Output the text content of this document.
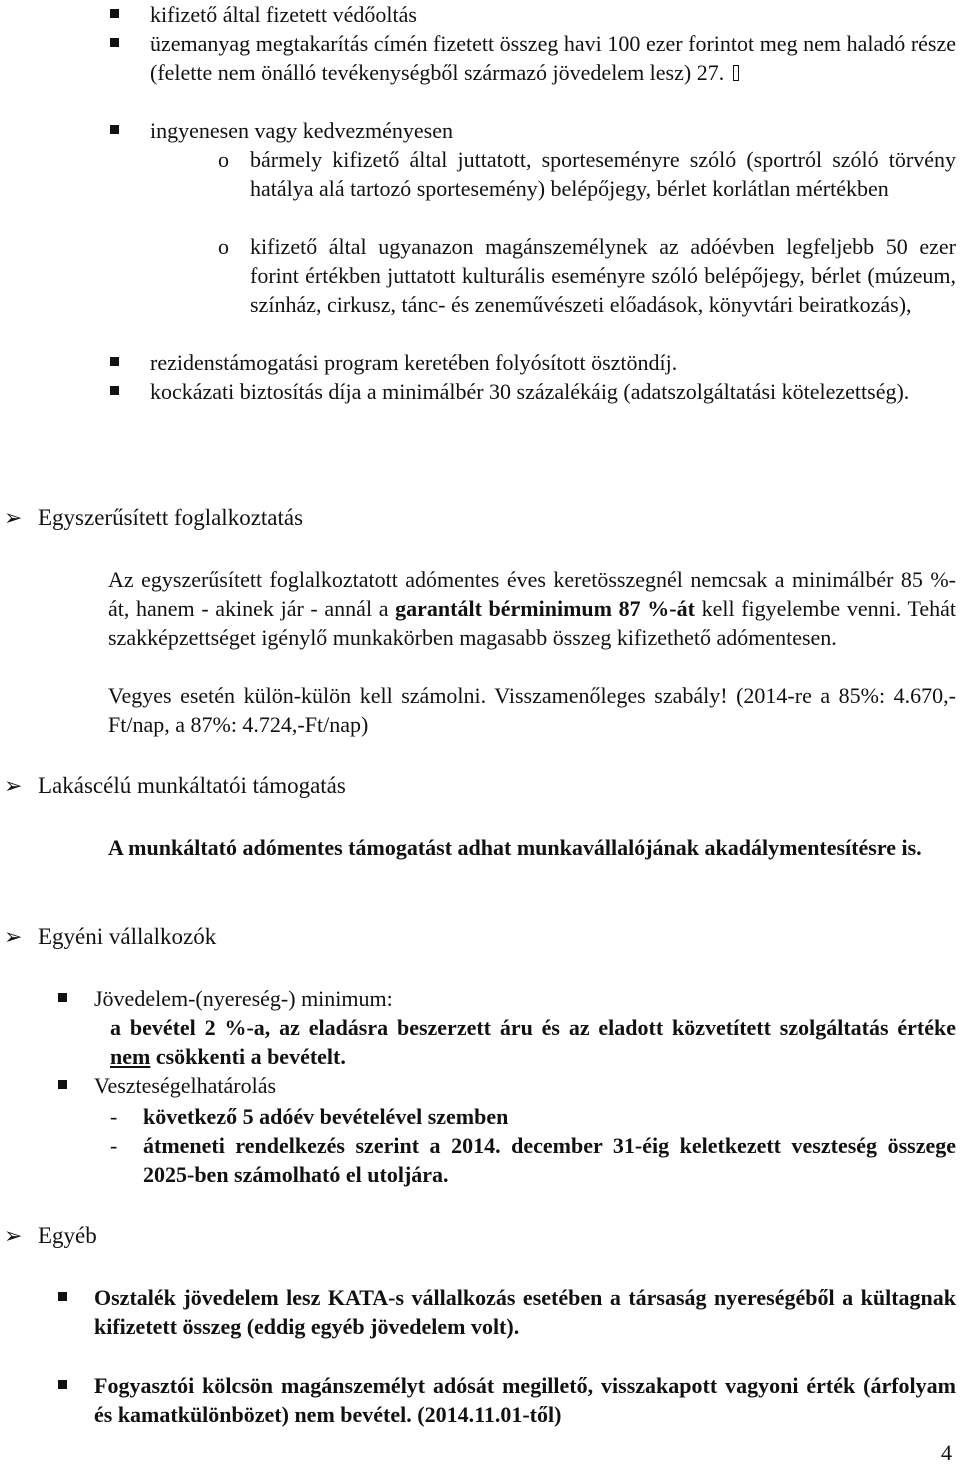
kifizető által fizetett védőoltás

üzemanyag megtakarítás címén fizetett összeg havi 100 ezer forintot meg nem haladó része (felette nem önálló tevékenységből származó jövedelem lesz) 27.

ingyenesen vagy kedvezményesen

o bármely kifizető által juttatott, sporteseményre szóló (sportról szóló törvény hatálya alá tartozó sportesemény) belépőjegy, bérlet korlátlan mértékben

o kifizető által ugyanazon magánszemélynek az adóévben legfeljebb 50 ezer forint értékben juttatott kulturális eseményre szóló belépőjegy, bérlet (múzeum, színház, cirkusz, tánc- és zeneművészeti előadások, könyvtári beiratkozás),

rezidenstámogatási program keretében folyósított ösztöndíj.

kockázati biztosítás díja a minimálbér 30 százalékáig (adatszolgáltatási kötelezettség).

➢ Egyszerűsített foglalkoztatás

Az egyszerűsített foglalkoztatott adómentes éves keretösszegnél nemcsak a minimálbér 85 %-át, hanem - akinek jár - annál a garantált bérminimum 87 %-át kell figyelembe venni. Tehát szakképzettséget igénylő munkakörben magasabb összeg kifizethető adómentesen.

Vegyes esetén külön-külön kell számolni. Visszamenőleges szabály! (2014-re a 85%: 4.670,-Ft/nap, a 87%: 4.724,-Ft/nap)

➢ Lakáscélú munkáltatói támogatás

A munkáltató adómentes támogatást adhat munkavállalójának akadálymentesítésre is.

➢ Egyéni vállalkozók

Jövedelem-(nyereség-) minimum:

a bevétel 2 %-a, az eladásra beszerzett áru és az eladott közvetített szolgáltatás értéke nem csökkenti a bevételt.

Veszteségelhatárolás

- következő 5 adóév bevételével szemben

- átmeneti rendelkezés szerint a 2014. december 31-éig keletkezett veszteség összege 2025-ben számolható el utoljára.

➢ Egyéb

Osztalék jövedelem lesz KATA-s vállalkozás esetében a társaság nyereségéből a kültagnak kifizetett összeg (eddig egyéb jövedelem volt).

Fogyasztói kölcsön magánszemélyt adósát megillető, visszakapott vagyoni érték (árfolyam és kamatkülönbözet) nem bevétel. (2014.11.01-től)

4
